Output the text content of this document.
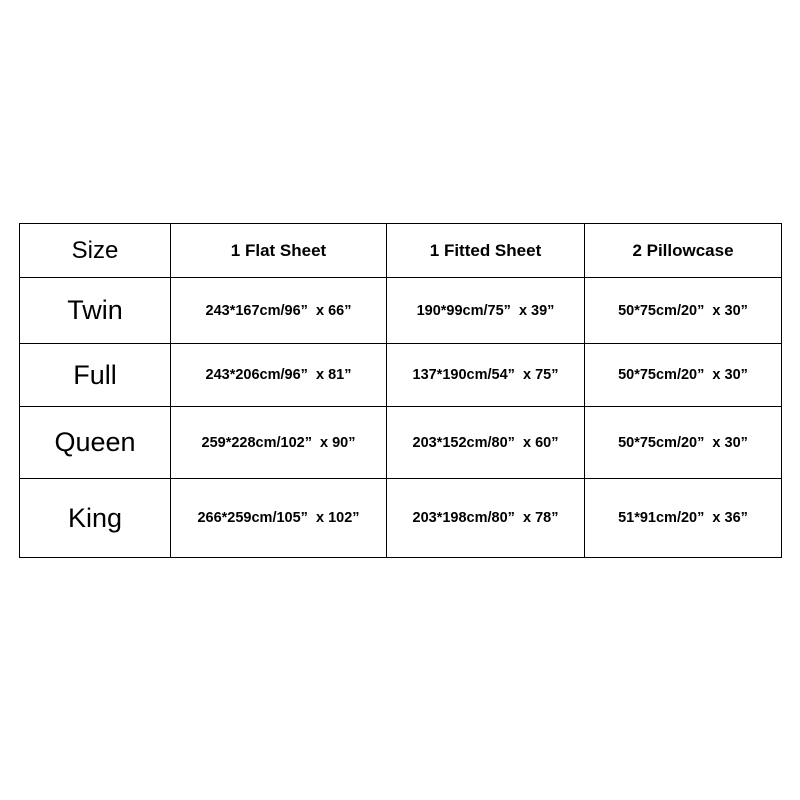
Size	1 Flat Sheet	1 Fitted Sheet	2 Pillowcase
Twin	243*167cm/96”  x 66”	190*99cm/75”  x 39”	50*75cm/20”  x 30”
Full	243*206cm/96”  x 81”	137*190cm/54”  x 75”	50*75cm/20”  x 30”
Queen	259*228cm/102”  x 90”	203*152cm/80”  x 60”	50*75cm/20”  x 30”
King	266*259cm/105”  x 102”	203*198cm/80”  x 78”	51*91cm/20”  x 36”
